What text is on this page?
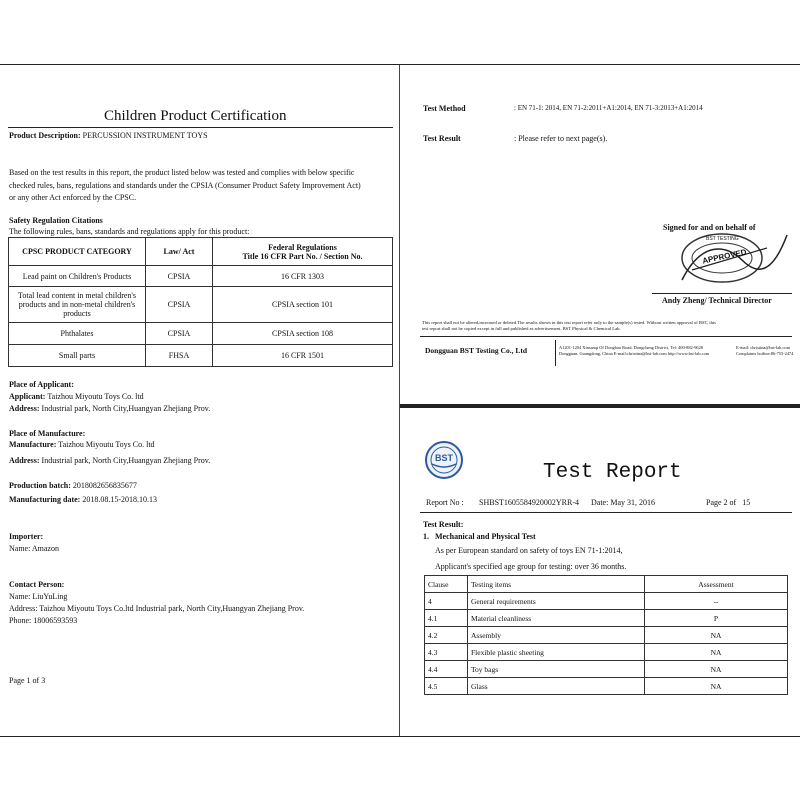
Children Product Certification
Product Description: PERCUSSION INSTRUMENT TOYS
Based on the test results in this report, the product listed below was tested and complies with below specific
checked rules, bans, regulations and standards under the CPSIA (Consumer Product Safety Improvement Act)
or any other Act enforced by the CPSC.
Safety Regulation Citations
The following rules, bans, standards and regulations apply for this product:
CPSC PRODUCT CATEGORY	Law/ Act	Federal Regulations
Title 16 CFR Part No. / Section No.

Lead paint on Children's Products	CPSIA	16 CFR 1303

Total lead content in metal children's
products and in non-metal children's
products	CPSIA	CPSIA section 101
Phthalates	CPSIA	CPSIA section 108
Small parts	FHSA	16 CFR 1501
Place of Applicant:
Applicant: Taizhou Miyoutu Toys Co. ltd
Address: Industrial park, North City,Huangyan Zhejiang Prov.
Place of Manufacture:
Manufacture: Taizhou Miyoutu Toys Co. ltd
Address: Industrial park, North City,Huangyan Zhejiang Prov.
Production batch: 2018082656835677
Manufacturing date: 2018.08.15-2018.10.13
Importer:
Name: Amazon
Contact Person:
Name: LiuYuLing
Address: Taizhou Miyoutu Toys Co.ltd Industrial park, North City,Huangyan Zhejiang Prov.
Phone: 18006593593
Page 1 of 3
Test Method	: EN 71-1: 2014, EN 71-2:2011+A1:2014, EN 71-3:2013+A1:2014
Test Result	: Please refer to next page(s).
Signed for and on behalf of
BST TESTING
APPROVED
Andy Zheng/ Technical Director
This report shall not be altered,increased or deleted.The results shown in this test report refer only to the sample(s) tested. Without written approval of BST, this
test report shall not be copied except in full and published as advertisement. BST Physical & Chemical Lab.
Dongguan BST Testing Co., Ltd	A1201-1204 Xinsanqi Of Dongbao Road, Dongcheng District, Tel: 400-882-9628	E-mail: christina@bst-lab.com
Dongguan, Guangdong, China E-mail:christina@bst-lab.com http://www.bst-lab.com	Complaints hotline:86-755-2474
BST
Test Report
Report No : SHBST1605584920002YRR-4 Date: May 31, 2016	Page 2 of   15
Test Result:
1.   Mechanical and Physical Test
As per European standard on safety of toys EN 71-1:2014,
Applicant's specified age group for testing: over 36 months.
Clause	Testing items	Assessment
4	General requirements	--
4.1	Material cleanliness	P
4.2	Assembly	NA
4.3	Flexible plastic sheeting	NA
4.4	Toy bags	NA
4.5	Glass	NA
